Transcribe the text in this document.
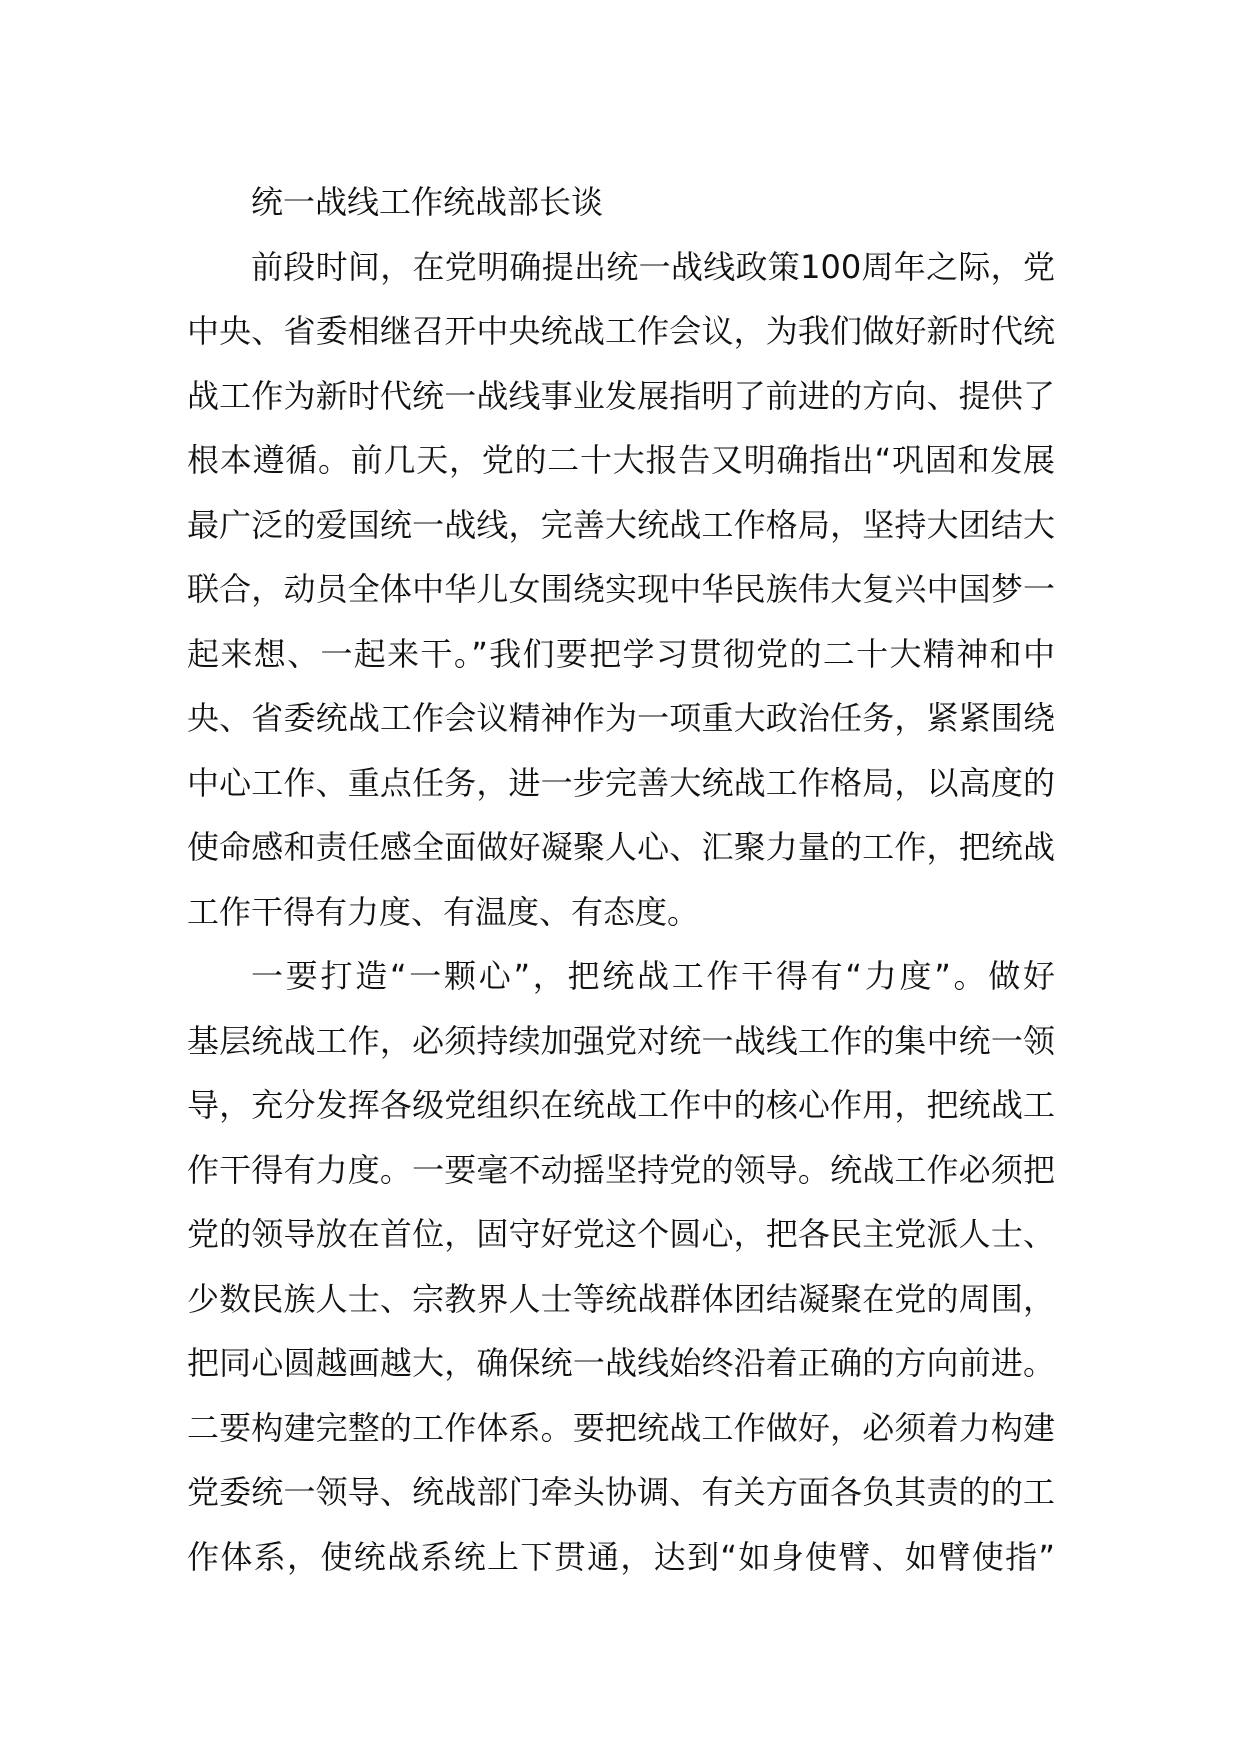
统一战线工作统战部长谈

前段时间，在党明确提出统一战线政策100周年之际，党
中央、省委相继召开中央统战工作会议，为我们做好新时代统
战工作为新时代统一战线事业发展指明了前进的方向、提供了
根本遵循。前几天，党的二十大报告又明确指出“巩固和发展
最广泛的爱国统一战线，完善大统战工作格局，坚持大团结大
联合，动员全体中华儿女围绕实现中华民族伟大复兴中国梦一
起来想、一起来干。”我们要把学习贯彻党的二十大精神和中
央、省委统战工作会议精神作为一项重大政治任务，紧紧围绕
中心工作、重点任务，进一步完善大统战工作格局，以高度的
使命感和责任感全面做好凝聚人心、汇聚力量的工作，把统战
工作干得有力度、有温度、有态度。

一要打造“一颗心”，把统战工作干得有“力度”。做好
基层统战工作，必须持续加强党对统一战线工作的集中统一领
导，充分发挥各级党组织在统战工作中的核心作用，把统战工
作干得有力度。一要毫不动摇坚持党的领导。统战工作必须把
党的领导放在首位，固守好党这个圆心，把各民主党派人士、
少数民族人士、宗教界人士等统战群体团结凝聚在党的周围，
把同心圆越画越大，确保统一战线始终沿着正确的方向前进。
二要构建完整的工作体系。要把统战工作做好，必须着力构建
党委统一领导、统战部门牵头协调、有关方面各负其责的的工
作体系，使统战系统上下贯通，达到“如身使臂、如臂使指”
